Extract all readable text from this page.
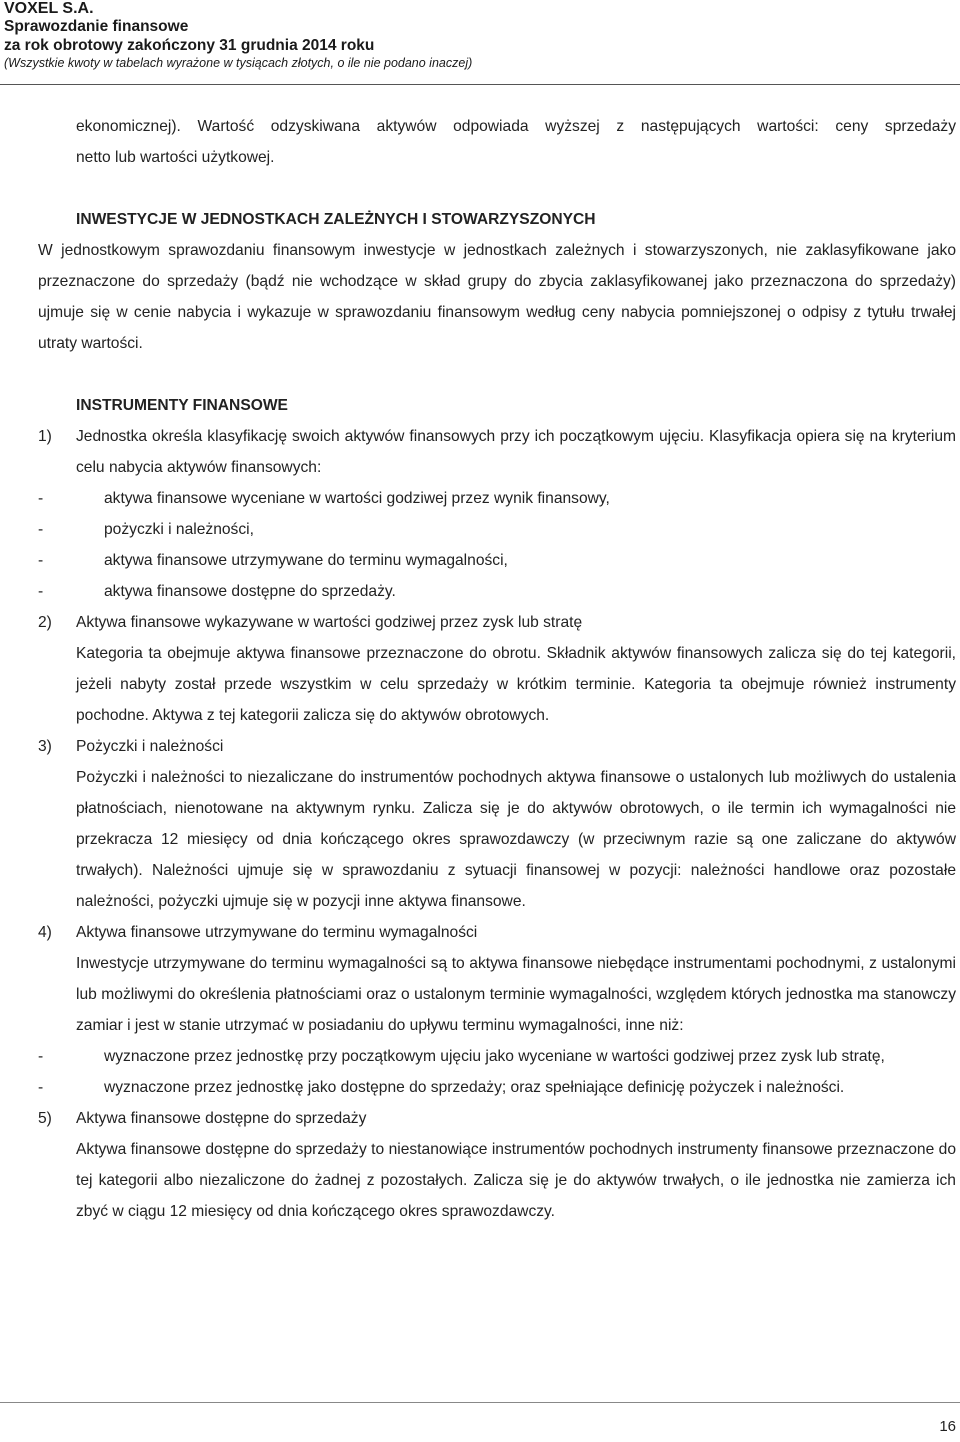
VOXEL S.A.
Sprawozdanie finansowe
za rok obrotowy zakończony 31 grudnia 2014 roku
(Wszystkie kwoty w tabelach wyrażone w tysiącach złotych, o ile nie podano inaczej)
ekonomicznej). Wartość odzyskiwana aktywów odpowiada wyższej z następujących wartości: ceny sprzedaży
netto lub wartości użytkowej.
INWESTYCJE W JEDNOSTKACH ZALEŻNYCH I STOWARZYSZONYCH
W jednostkowym sprawozdaniu finansowym inwestycje w jednostkach zależnych i stowarzyszonych, nie zaklasyfikowane jako przeznaczone do sprzedaży (bądź nie wchodzące w skład grupy do zbycia zaklasyfikowanej jako przeznaczona do sprzedaży) ujmuje się w cenie nabycia i wykazuje w sprawozdaniu finansowym według ceny nabycia pomniejszonej o odpisy z tytułu trwałej utraty wartości.
INSTRUMENTY FINANSOWE
1)	Jednostka określa klasyfikację swoich aktywów finansowych przy ich początkowym ujęciu. Klasyfikacja opiera się na kryterium celu nabycia aktywów finansowych:
-	aktywa finansowe wyceniane w wartości godziwej przez wynik finansowy,
-	pożyczki i należności,
-	aktywa finansowe utrzymywane do terminu wymagalności,
-	aktywa finansowe dostępne do sprzedaży.
2)	Aktywa finansowe wykazywane w wartości godziwej przez zysk lub stratę
Kategoria ta obejmuje aktywa finansowe przeznaczone do obrotu. Składnik aktywów finansowych zalicza się do tej kategorii, jeżeli nabyty został przede wszystkim w celu sprzedaży w krótkim terminie. Kategoria ta obejmuje również instrumenty pochodne. Aktywa z tej kategorii zalicza się do aktywów obrotowych.
3)	Pożyczki i należności
Pożyczki i należności to niezaliczane do instrumentów pochodnych aktywa finansowe o ustalonych lub możliwych do ustalenia płatnościach, nienotowane na aktywnym rynku. Zalicza się je do aktywów obrotowych, o ile termin ich wymagalności nie przekracza 12 miesięcy od dnia kończącego okres sprawozdawczy (w przeciwnym razie są one zaliczane do aktywów trwałych). Należności ujmuje się w sprawozdaniu z sytuacji finansowej w pozycji: należności handlowe oraz pozostałe należności, pożyczki ujmuje się w pozycji inne aktywa finansowe.
4)	Aktywa finansowe utrzymywane do terminu wymagalności
Inwestycje utrzymywane do terminu wymagalności są to aktywa finansowe niebędące instrumentami pochodnymi, z ustalonymi lub możliwymi do określenia płatnościami oraz o ustalonym terminie wymagalności, względem których jednostka ma stanowczy zamiar i jest w stanie utrzymać w posiadaniu do upływu terminu wymagalności, inne niż:
-	wyznaczone przez jednostkę przy początkowym ujęciu jako wyceniane w wartości godziwej przez zysk lub stratę,
-	wyznaczone przez jednostkę jako dostępne do sprzedaży; oraz spełniające definicję pożyczek i należności.
5)	Aktywa finansowe dostępne do sprzedaży
Aktywa finansowe dostępne do sprzedaży to niestanowiące instrumentów pochodnych instrumenty finansowe przeznaczone do tej kategorii albo niezaliczone do żadnej z pozostałych. Zalicza się je do aktywów trwałych, o ile jednostka nie zamierza ich zbyć w ciągu 12 miesięcy od dnia kończącego okres sprawozdawczy.
16
